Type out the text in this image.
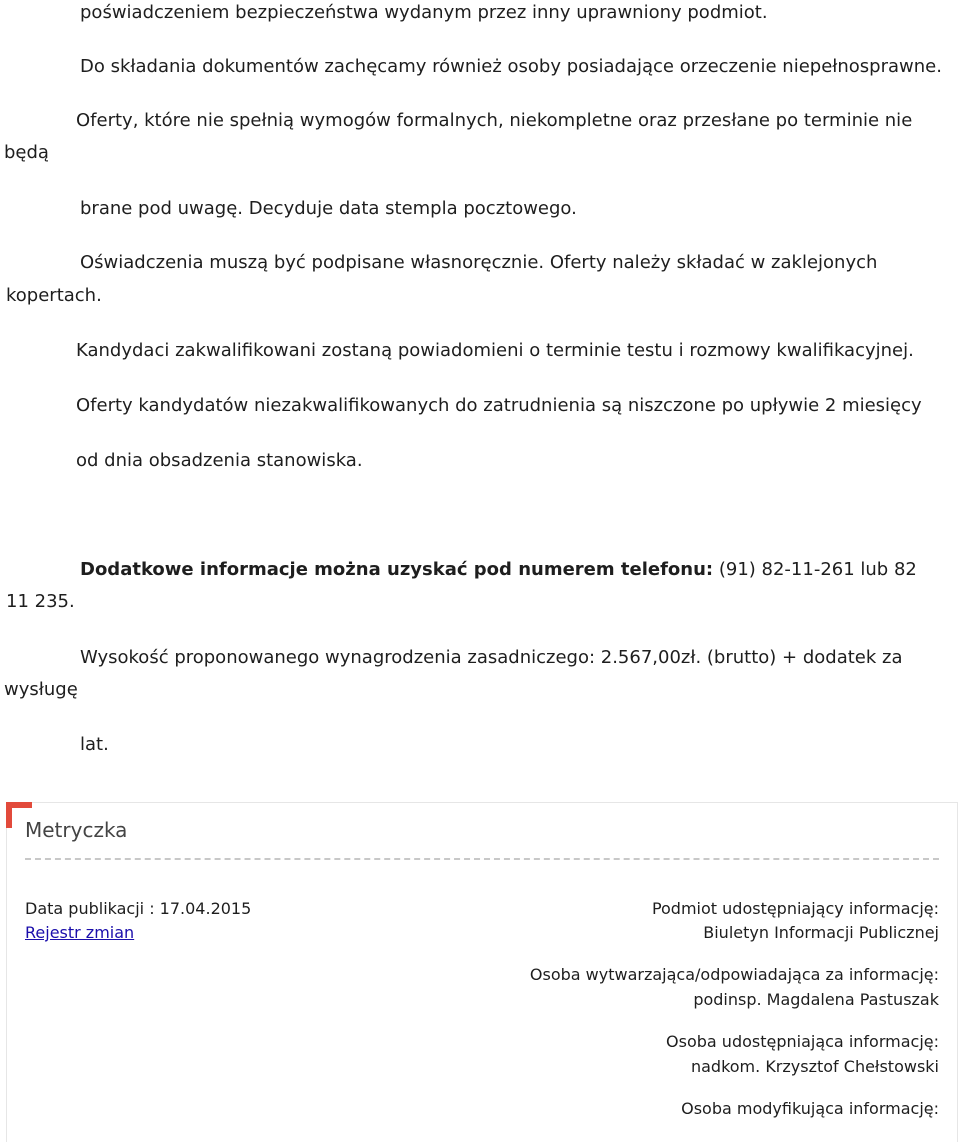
poświadczeniem bezpieczeństwa wydanym przez inny uprawniony podmiot.
Do składania dokumentów zachęcamy również osoby posiadające orzeczenie niepełnosprawne.
Oferty, które nie spełnią wymogów formalnych, niekompletne oraz przesłane po terminie nie
będą
brane pod uwagę. Decyduje data stempla pocztowego.
Oświadczenia muszą być podpisane własnoręcznie. Oferty należy składać w zaklejonych
kopertach.
Kandydaci zakwalifikowani zostaną powiadomieni o terminie testu i rozmowy kwalifikacyjnej.
Oferty kandydatów niezakwalifikowanych do zatrudnienia są niszczone po upływie 2 miesięcy
od dnia obsadzenia stanowiska.
Dodatkowe informacje można uzyskać pod numerem telefonu: (91) 82-11-261 lub 82
11 235.
Wysokość proponowanego wynagrodzenia zasadniczego: 2.567,00zł. (brutto) + dodatek za
wysługę
lat.
Metryczka
Data publikacji : 17.04.2015
Rejestr zmian
Podmiot udostępniający informację:
Biuletyn Informacji Publicznej
Osoba wytwarzająca/odpowiadająca za informację:
podinsp. Magdalena Pastuszak
Osoba udostępniająca informację:
nadkom. Krzysztof Chełstowski
Osoba modyfikująca informację:
